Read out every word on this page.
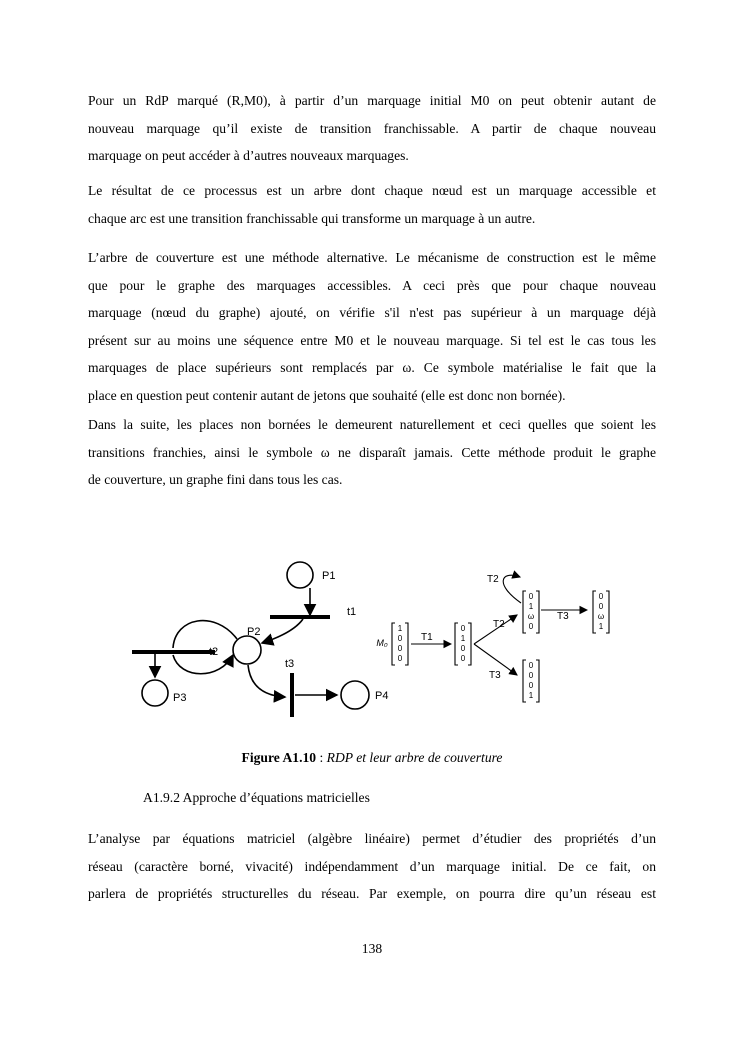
Pour un RdP marqué (R,M0), à partir d’un marquage initial M0 on peut obtenir autant de
nouveau marquage qu’il existe de transition franchissable. A partir de chaque nouveau
marquage on peut accéder à d’autres nouveaux marquages.
Le résultat de ce processus est un arbre dont chaque nœud est un marquage accessible et
chaque arc est une transition franchissable qui transforme un marquage à un autre.
L’arbre de couverture est une méthode alternative. Le mécanisme de construction est le même
que pour le graphe des marquages accessibles. A ceci près que pour chaque nouveau
marquage (nœud du graphe) ajouté, on vérifie s'il n'est pas supérieur à un marquage déjà
présent sur au moins une séquence entre M0 et le nouveau marquage. Si tel est le cas tous les
marquages de place supérieurs sont remplacés par ω. Ce symbole matérialise le fait que la
place en question peut contenir autant de jetons que souhaité (elle est donc non bornée).
Dans la suite, les places non bornées le demeurent naturellement et ceci quelles que soient les
transitions franchies, ainsi le symbole ω ne disparaît jamais. Cette méthode produit le graphe
de couverture, un graphe fini dans tous les cas.
P1
P2
P3	P4
t1
t2
t3
M₀
1
0
0
0
0
1
0
0
0
1
ω
0
0
0
ω
1
0
0
0
1
T1
T2
T2
T3
T3
Figure A1.10 : RDP et leur arbre de couverture
A1.9.2 Approche d’équations matricielles
L’analyse par équations matriciel (algèbre linéaire) permet d’étudier des propriétés d’un
réseau (caractère borné, vivacité) indépendamment d’un marquage initial. De ce fait, on
parlera de propriétés structurelles du réseau. Par exemple, on pourra dire qu’un réseau est
138
